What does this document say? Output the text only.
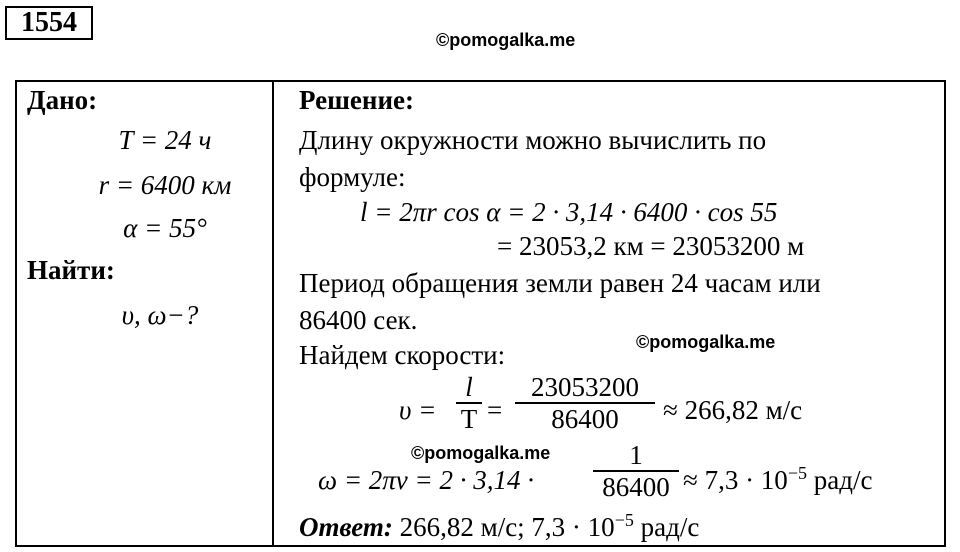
1554
©pomogalka.me
Дано:
T = 24 ч
r = 6400 км
α = 55°
Найти:
υ, ω−?
Решение:
Длину окружности можно вычислить по
формуле:
l = 2πr cos α = 2 · 3,14 · 6400 · cos 55
= 23053,2 км = 23053200 м
Период обращения земли равен 24 часам или
86400 сек.
©pomogalka.me
Найдем скорости:
$\upsilon = \frac{l}{T} = \frac{23053200}{86400} \approx 266,82$ м/с
©pomogalka.me
$\omega = 2\pi\nu = 2 \cdot 3,14 \cdot \frac{1}{86400} \approx 7,3 \cdot 10^{-5}$ рад/с
Ответ: 266,82 м/с; $7,3 \cdot 10^{-5}$ рад/с
